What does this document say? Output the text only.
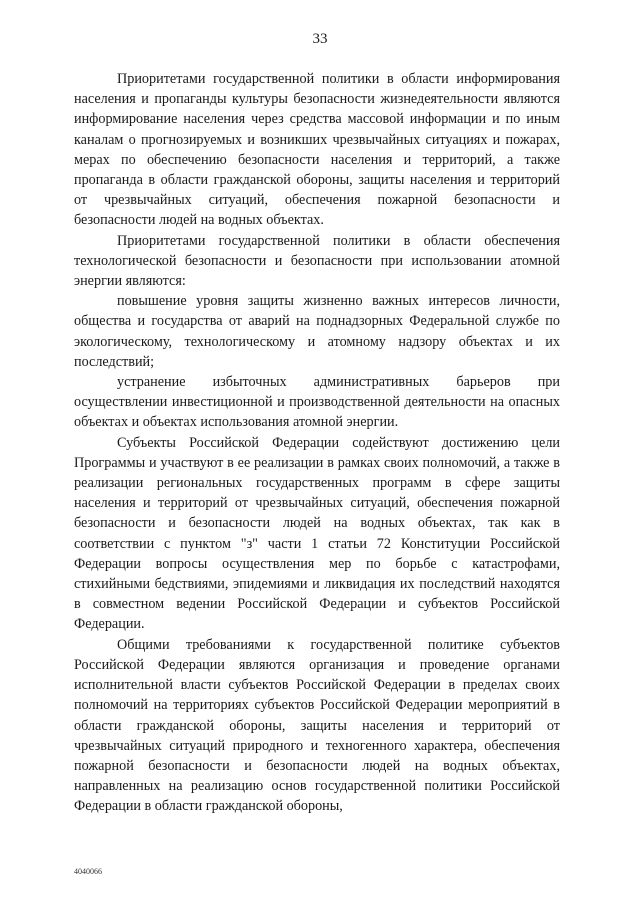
33

Приоритетами государственной политики в области информирования населения и пропаганды культуры безопасности жизнедеятельности являются информирование населения через средства массовой информации и по иным каналам о прогнозируемых и возникших чрезвычайных ситуациях и пожарах, мерах по обеспечению безопасности населения и территорий, а также пропаганда в области гражданской обороны, защиты населения и территорий от чрезвычайных ситуаций, обеспечения пожарной безопасности и безопасности людей на водных объектах.

Приоритетами государственной политики в области обеспечения технологической безопасности и безопасности при использовании атомной энергии являются:

повышение уровня защиты жизненно важных интересов личности, общества и государства от аварий на поднадзорных Федеральной службе по экологическому, технологическому и атомному надзору объектах и их последствий;

устранение избыточных административных барьеров при осуществлении инвестиционной и производственной деятельности на опасных объектах и объектах использования атомной энергии.

Субъекты Российской Федерации содействуют достижению цели Программы и участвуют в ее реализации в рамках своих полномочий, а также в реализации региональных государственных программ в сфере защиты населения и территорий от чрезвычайных ситуаций, обеспечения пожарной безопасности и безопасности людей на водных объектах, так как в соответствии с пунктом "з" части 1 статьи 72 Конституции Российской Федерации вопросы осуществления мер по борьбе с катастрофами, стихийными бедствиями, эпидемиями и ликвидация их последствий находятся в совместном ведении Российской Федерации и субъектов Российской Федерации.

Общими требованиями к государственной политике субъектов Российской Федерации являются организация и проведение органами исполнительной власти субъектов Российской Федерации в пределах своих полномочий на территориях субъектов Российской Федерации мероприятий в области гражданской обороны, защиты населения и территорий от чрезвычайных ситуаций природного и техногенного характера, обеспечения пожарной безопасности и безопасности людей на водных объектах, направленных на реализацию основ государственной политики Российской Федерации в области гражданской обороны,

4040066
